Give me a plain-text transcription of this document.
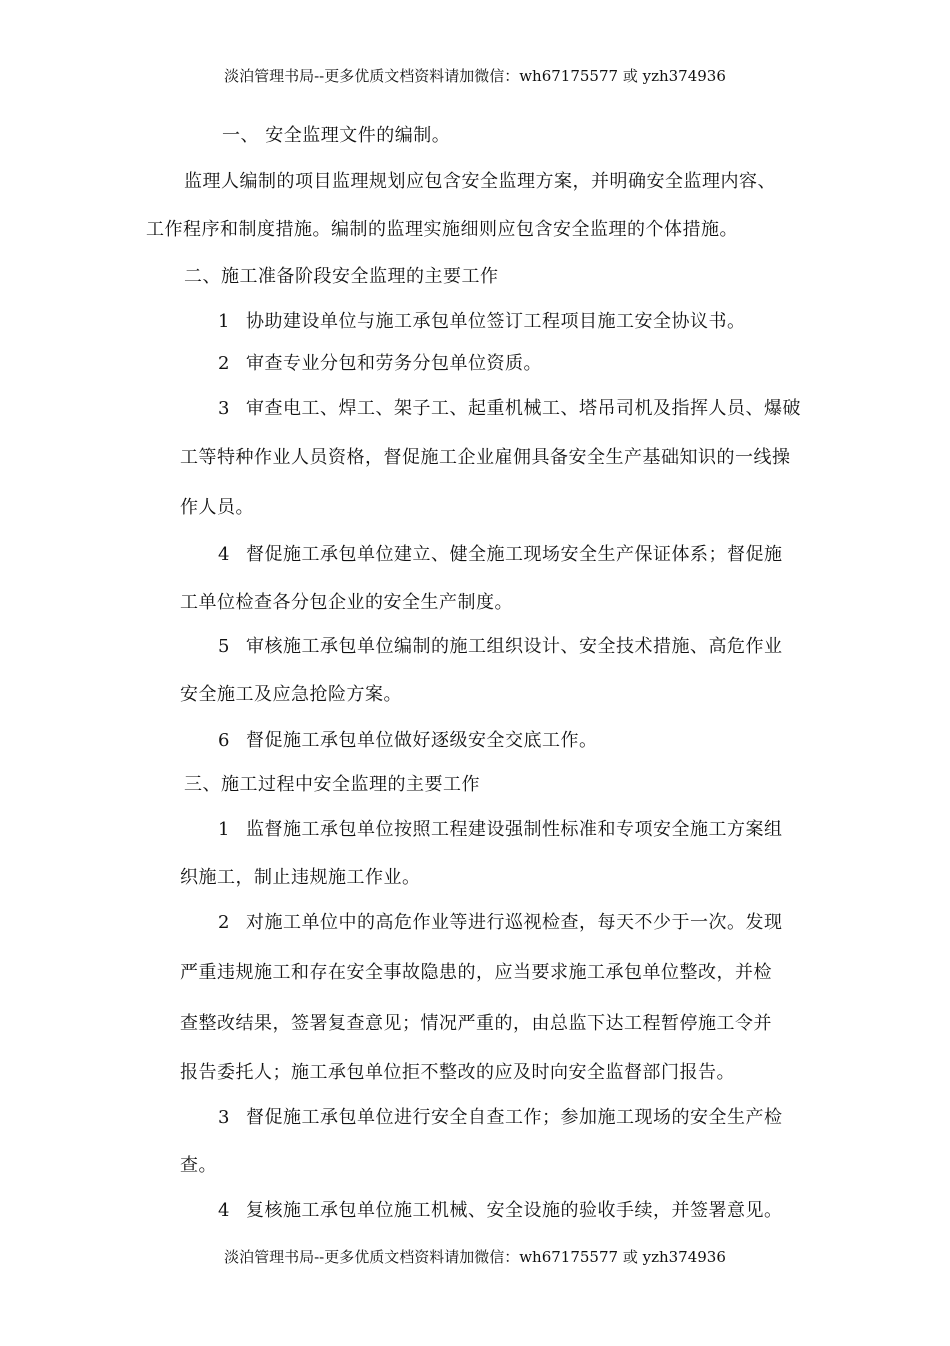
淡泊管理书局--更多优质文档资料请加微信：wh67175577 或 yzh374936
一、 安全监理文件的编制。
监理人编制的项目监理规划应包含安全监理方案，并明确安全监理内容、
工作程序和制度措施。编制的监理实施细则应包含安全监理的个体措施。
二、施工准备阶段安全监理的主要工作
1 协助建设单位与施工承包单位签订工程项目施工安全协议书。
2 审查专业分包和劳务分包单位资质。
3 审查电工、焊工、架子工、起重机械工、塔吊司机及指挥人员、爆破
工等特种作业人员资格，督促施工企业雇佣具备安全生产基础知识的一线操
作人员。
4 督促施工承包单位建立、健全施工现场安全生产保证体系；督促施
工单位检查各分包企业的安全生产制度。
5 审核施工承包单位编制的施工组织设计、安全技术措施、高危作业
安全施工及应急抢险方案。
6 督促施工承包单位做好逐级安全交底工作。
三、施工过程中安全监理的主要工作
1 监督施工承包单位按照工程建设强制性标准和专项安全施工方案组
织施工，制止违规施工作业。
2 对施工单位中的高危作业等进行巡视检查，每天不少于一次。发现
严重违规施工和存在安全事故隐患的，应当要求施工承包单位整改，并检
查整改结果，签署复查意见；情况严重的，由总监下达工程暂停施工令并
报告委托人；施工承包单位拒不整改的应及时向安全监督部门报告。
3 督促施工承包单位进行安全自查工作；参加施工现场的安全生产检
查。
4 复核施工承包单位施工机械、安全设施的验收手续，并签署意见。
淡泊管理书局--更多优质文档资料请加微信：wh67175577 或 yzh374936
